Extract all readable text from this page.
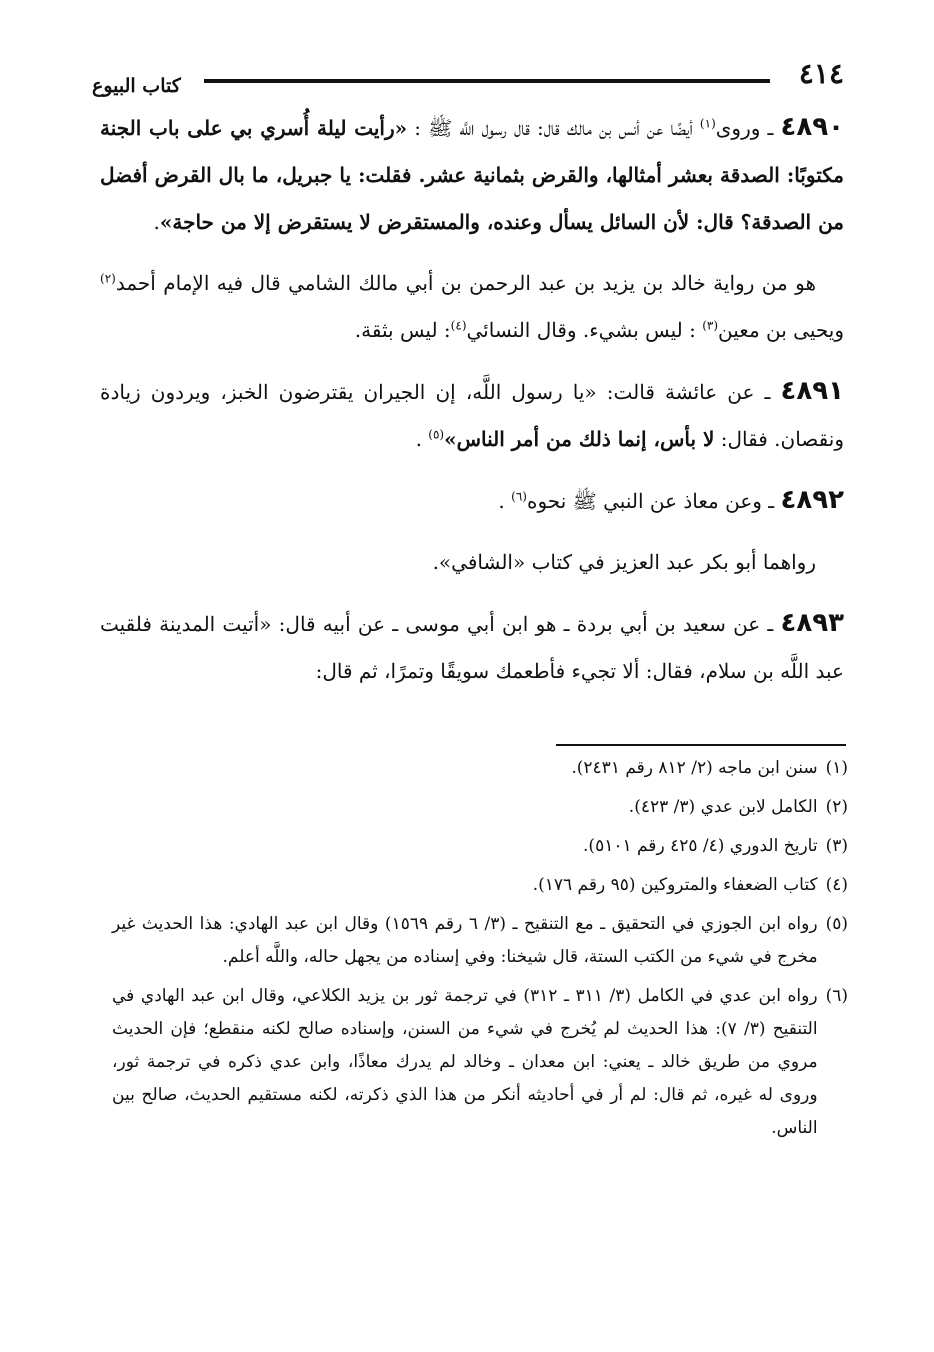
٤١٤
كتاب البيوع

٤٨٩٠ ـ وروى$^{(١)}$ أيضًا عن أنس بن مالك قال: قال رسول اللَّه ﷺ : «رأيت ليلة أُسري بي على باب الجنة مكتوبًا: الصدقة بعشر أمثالها، والقرض بثمانية عشر. فقلت: يا جبريل، ما بال القرض أفضل من الصدقة؟ قال: لأن السائل يسأل وعنده، والمستقرض لا يستقرض إلا من حاجة».

هو من رواية خالد بن يزيد بن عبد الرحمن بن أبي مالك الشامي قال فيه الإمام أحمد$^{(٢)}$ ويحيى بن معين$^{(٣)}$ : ليس بشيء. وقال النسائي$^{(٤)}$: ليس بثقة.

٤٨٩١ ـ عن عائشة قالت: «يا رسول اللَّه، إن الجيران يقترضون الخبز، ويردون زيادة ونقصان. فقال: لا بأس، إنما ذلك من أمر الناس»$^{(٥)}$ .

٤٨٩٢ ـ وعن معاذ عن النبي ﷺ نحوه$^{(٦)}$ .

رواهما أبو بكر عبد العزيز في كتاب «الشافي».

٤٨٩٣ ـ عن سعيد بن أبي بردة ـ هو ابن أبي موسى ـ عن أبيه قال: «أتيت المدينة فلقيت عبد اللَّه بن سلام، فقال: ألا تجيء فأطعمك سويقًا وتمرًا، ثم قال:

(١)
سنن ابن ماجه (٢/ ٨١٢ رقم ٢٤٣١).
(٢)
الكامل لابن عدي (٣/ ٤٢٣).
(٣)
تاريخ الدوري (٤/ ٤٢٥ رقم ٥١٠١).
(٤)
كتاب الضعفاء والمتروكين (٩٥ رقم ١٧٦).
(٥)
رواه ابن الجوزي في التحقيق ـ مع التنقيح ـ (٣/ ٦ رقم ١٥٦٩) وقال ابن عبد الهادي: هذا الحديث غير مخرج في شيء من الكتب الستة، قال شيخنا: وفي إسناده من يجهل حاله، واللَّه أعلم.
(٦)
رواه ابن عدي في الكامل (٣/ ٣١١ ـ ٣١٢) في ترجمة ثور بن يزيد الكلاعي، وقال ابن عبد الهادي في التنقيح (٣/ ٧): هذا الحديث لم يُخرج في شيء من السنن، وإسناده صالح لكنه منقطع؛ فإن الحديث مروي من طريق خالد ـ يعني: ابن معدان ـ وخالد لم يدرك معاذًا، وابن عدي ذكره في ترجمة ثور، وروى له غيره، ثم قال: لم أر في أحاديثه أنكر من هذا الذي ذكرته، لكنه مستقيم الحديث، صالح بين الناس.
